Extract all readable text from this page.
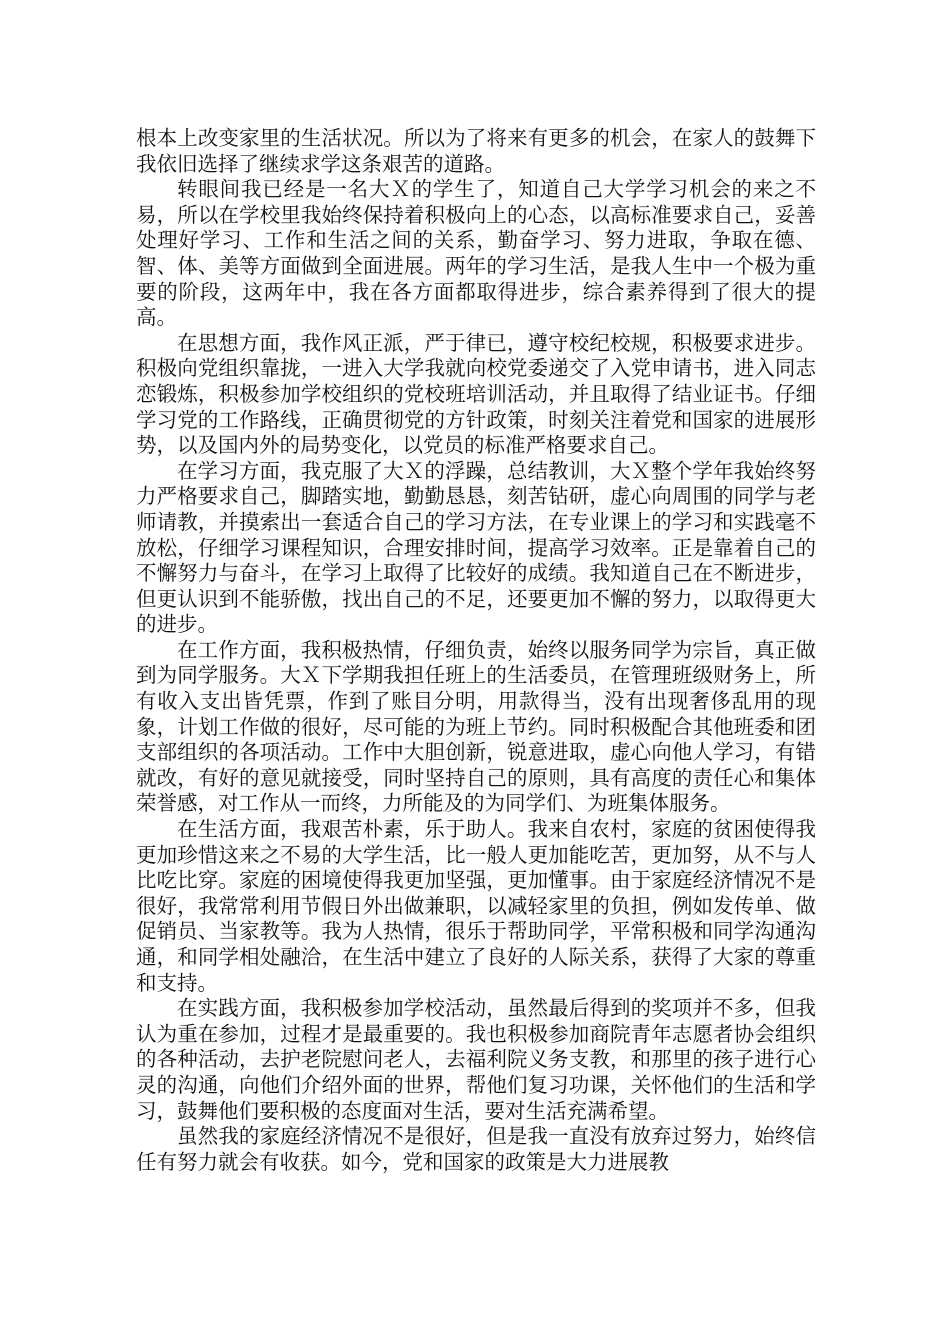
根本上改变家里的生活状况。所以为了将来有更多的机会，在家人的鼓舞下我依旧选择了继续求学这条艰苦的道路。

转眼间我已经是一名大Ｘ的学生了，知道自己大学学习机会的来之不易，所以在学校里我始终保持着积极向上的心态，以高标准要求自己，妥善处理好学习、工作和生活之间的关系，勤奋学习、努力进取，争取在德、智、体、美等方面做到全面进展。两年的学习生活，是我人生中一个极为重要的阶段，这两年中，我在各方面都取得进步，综合素养得到了很大的提高。

在思想方面，我作风正派，严于律已，遵守校纪校规，积极要求进步。积极向党组织靠拢，一进入大学我就向校党委递交了入党申请书，进入同志恋锻炼，积极参加学校组织的党校班培训活动，并且取得了结业证书。仔细学习党的工作路线，正确贯彻党的方针政策，时刻关注着党和国家的进展形势，以及国内外的局势变化，以党员的标准严格要求自己。

在学习方面，我克服了大Ｘ的浮躁，总结教训，大Ｘ整个学年我始终努力严格要求自己，脚踏实地，勤勤恳恳，刻苦钻研，虚心向周围的同学与老师请教，并摸索出一套适合自己的学习方法，在专业课上的学习和实践毫不放松，仔细学习课程知识，合理安排时间，提高学习效率。正是靠着自己的不懈努力与奋斗，在学习上取得了比较好的成绩。我知道自己在不断进步，但更认识到不能骄傲，找出自己的不足，还要更加不懈的努力，以取得更大的进步。

在工作方面，我积极热情，仔细负责，始终以服务同学为宗旨，真正做到为同学服务。大Ｘ下学期我担任班上的生活委员，在管理班级财务上，所有收入支出皆凭票，作到了账目分明，用款得当，没有出现奢侈乱用的现象，计划工作做的很好，尽可能的为班上节约。同时积极配合其他班委和团支部组织的各项活动。工作中大胆创新，锐意进取，虚心向他人学习，有错就改，有好的意见就接受，同时坚持自己的原则，具有高度的责任心和集体荣誉感，对工作从一而终，力所能及的为同学们、为班集体服务。

在生活方面，我艰苦朴素，乐于助人。我来自农村，家庭的贫困使得我更加珍惜这来之不易的大学生活，比一般人更加能吃苦，更加努，从不与人比吃比穿。家庭的困境使得我更加坚强，更加懂事。由于家庭经济情况不是很好，我常常利用节假日外出做兼职，以减轻家里的负担，例如发传单、做促销员、当家教等。我为人热情，很乐于帮助同学，平常积极和同学沟通沟通，和同学相处融洽，在生活中建立了良好的人际关系，获得了大家的尊重和支持。

在实践方面，我积极参加学校活动，虽然最后得到的奖项并不多，但我认为重在参加，过程才是最重要的。我也积极参加商院青年志愿者协会组织的各种活动，去护老院慰问老人，去福利院义务支教，和那里的孩子进行心灵的沟通，向他们介绍外面的世界，帮他们复习功课，关怀他们的生活和学习，鼓舞他们要积极的态度面对生活，要对生活充满希望。

虽然我的家庭经济情况不是很好，但是我一直没有放弃过努力，始终信任有努力就会有收获。如今，党和国家的政策是大力进展教
